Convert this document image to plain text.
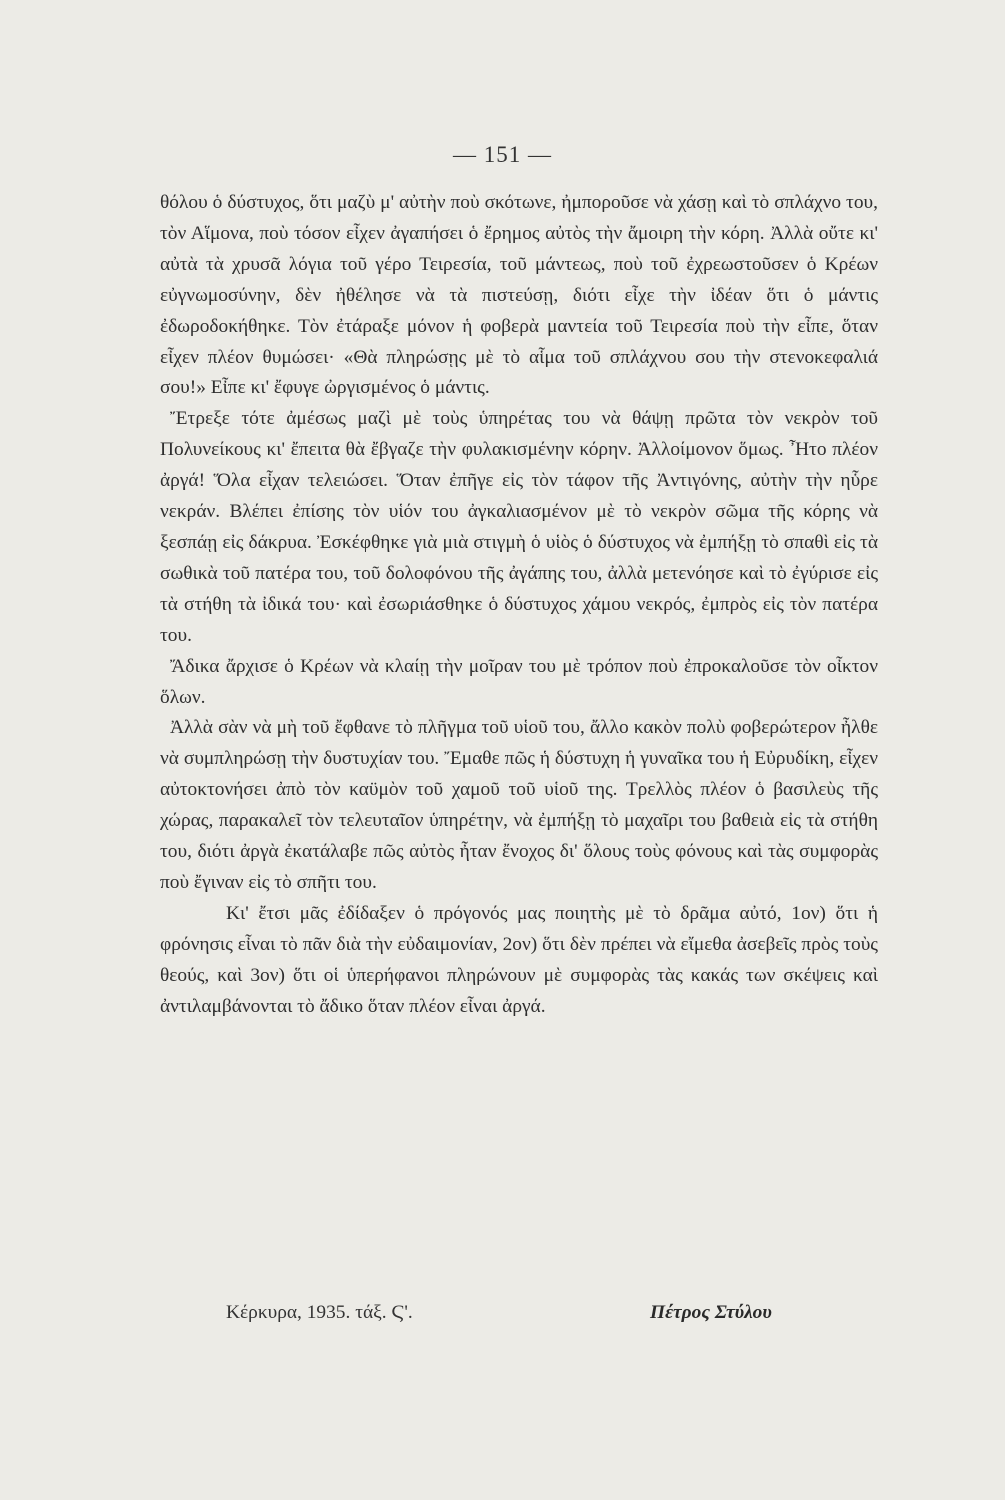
— 151 —

θόλου ὁ δύστυχος, ὅτι μαζὺ μ' αὐτὴν ποὺ σκότωνε, ἠμποροῦσε νὰ χάσῃ καὶ τὸ σπλάχνο του, τὸν Αἵμονα, ποὺ τόσον εἶχεν ἀγαπήσει ὁ ἔρημος αὐτὸς τὴν ἄμοιρη τὴν κόρη. Ἀλλὰ οὔτε κι' αὐτὰ τὰ χρυσᾶ λόγια τοῦ γέρο Τειρεσία, τοῦ μάντεως, ποὺ τοῦ ἐχρεωστοῦσεν ὁ Κρέων εὐγνωμοσύνην, δὲν ἠθέλησε νὰ τὰ πιστεύσῃ, διότι εἶχε τὴν ἰδέαν ὅτι ὁ μάντις ἐδωροδοκήθηκε. Τὸν ἐτάραξε μόνον ἡ φοβερὰ μαντεία τοῦ Τειρεσία ποὺ τὴν εἶπε, ὅταν εἶχεν πλέον θυμώσει· «Θὰ πληρώσῃς μὲ τὸ αἷμα τοῦ σπλάχνου σου τὴν στενοκεφαλιά σου!» Εἶπε κι' ἔφυγε ὠργισμένος ὁ μάντις.

Ἔτρεξε τότε ἀμέσως μαζὶ μὲ τοὺς ὑπηρέτας του νὰ θάψῃ πρῶτα τὸν νεκρὸν τοῦ Πολυνείκους κι' ἔπειτα θὰ ἔβγαζε τὴν φυλακισμένην κόρην. Ἀλλοίμονον ὅμως. Ἦτο πλέον ἀργά! Ὅλα εἶχαν τελειώσει. Ὅταν ἐπῆγε εἰς τὸν τάφον τῆς Ἀντιγόνης, αὐτὴν τὴν ηὗρε νεκράν. Βλέπει ἐπίσης τὸν υἱόν του ἀγκαλιασμένον μὲ τὸ νεκρὸν σῶμα τῆς κόρης νὰ ξεσπάῃ εἰς δάκρυα. Ἐσκέφθηκε γιὰ μιὰ στιγμὴ ὁ υἱὸς ὁ δύστυχος νὰ ἐμπήξῃ τὸ σπαθὶ εἰς τὰ σωθικὰ τοῦ πατέρα του, τοῦ δολοφόνου τῆς ἀγάπης του, ἀλλὰ μετενόησε καὶ τὸ ἐγύρισε εἰς τὰ στήθη τὰ ἰδικά του· καὶ ἐσωριάσθηκε ὁ δύστυχος χάμου νεκρός, ἐμπρὸς εἰς τὸν πατέρα του.

Ἄδικα ἄρχισε ὁ Κρέων νὰ κλαίῃ τὴν μοῖραν του μὲ τρόπον ποὺ ἐπροκαλοῦσε τὸν οἶκτον ὅλων.

Ἀλλὰ σὰν νὰ μὴ τοῦ ἔφθανε τὸ πλῆγμα τοῦ υἱοῦ του, ἄλλο κακὸν πολὺ φοβερώτερον ἦλθε νὰ συμπληρώσῃ τὴν δυστυχίαν του. Ἔμαθε πῶς ἡ δύστυχη ἡ γυναῖκα του ἡ Εὐρυδίκη, εἶχεν αὐτοκτονήσει ἀπὸ τὸν καϋμὸν τοῦ χαμοῦ τοῦ υἱοῦ της. Τρελλὸς πλέον ὁ βασιλεὺς τῆς χώρας, παρακαλεῖ τὸν τελευταῖον ὑπηρέτην, νὰ ἐμπήξῃ τὸ μαχαῖρι του βαθειὰ εἰς τὰ στήθη του, διότι ἀργὰ ἐκατάλαβε πῶς αὐτὸς ἦταν ἔνοχος δι' ὅλους τοὺς φόνους καὶ τὰς συμφορὰς ποὺ ἔγιναν εἰς τὸ σπῆτι του.

Κι' ἔτσι μᾶς ἐδίδαξεν ὁ πρόγονός μας ποιητὴς μὲ τὸ δρᾶμα αὐτό, 1ον) ὅτι ἡ φρόνησις εἶναι τὸ πᾶν διὰ τὴν εὐδαιμονίαν, 2ον) ὅτι δὲν πρέπει νὰ εἴμεθα ἀσεβεῖς πρὸς τοὺς θεούς, καὶ 3ον) ὅτι οἱ ὑπερήφανοι πληρώνουν μὲ συμφορὰς τὰς κακάς των σκέψεις καὶ ἀντιλαμβάνονται τὸ ἄδικο ὅταν πλέον εἶναι ἀργά.

Κέρκυρα, 1935. τάξ. Ϛ'.	Πέτρος Στύλου
